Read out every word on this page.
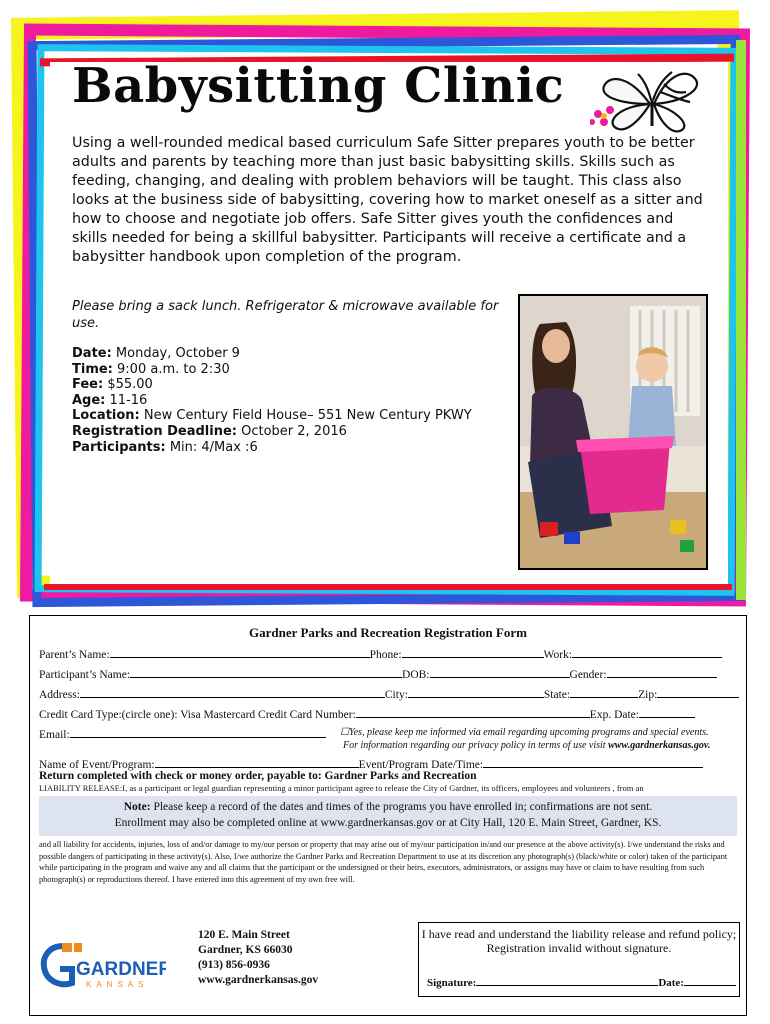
Babysitting Clinic

Using a well-rounded medical based curriculum Safe Sitter prepares youth to be better adults and parents by teaching more than just basic babysitting skills. Skills such as feeding, changing, and dealing with problem behaviors will be taught. This class also looks at the business side of babysitting, covering how to market oneself as a sitter and how to choose and negotiate job offers. Safe Sitter gives youth the confidences and skills needed for being a skillful babysitter. Participants will receive a certificate and a babysitter handbook upon completion of the program.

Please bring a sack lunch. Refrigerator & microwave available for use.

Date: Monday, October 9
Time: 9:00 a.m. to 2:30
Fee: $55.00
Age: 11-16
Location: New Century Field House– 551 New Century PKWY
Registration Deadline: October 2, 2016
Participants: Min: 4/Max :6
Gardner Parks and Recreation Registration Form
Parent’s Name:	Phone:	Work:
Participant’s Name:	DOB:	Gender:
Address:	City:	State:	Zip:
Credit Card Type:(circle one): Visa Mastercard Credit Card Number:	Exp. Date:
Email:	☐Yes, please keep me informed via email regarding upcoming programs and special events.
For information regarding our privacy policy in terms of use visit www.gardnerkansas.gov.
Name of Event/Program:	Event/Program Date/Time:
Return completed with check or money order, payable to: Gardner Parks and Recreation
LIABILITY RELEASE:I, as a participant or legal guardian representing a minor participant agree to release the City of Gardner, its officers, employees and volunteers , from an
Note: Please keep a record of the dates and times of the programs you have enrolled in; confirmations are not sent.
Enrollment may also be completed online at www.gardnerkansas.gov or at City Hall, 120 E. Main Street, Gardner, KS.

and all liability for accidents, injuries, loss of and/or damage to my/our person or property that may arise out of my/our participation in/and our presence at the above activity(s). I/we understand the risks and possible dangers of participating in these activity(s). Also, I/we authorize the Gardner Parks and Recreation Department to use at its discretion any photograph(s) (black/white or color) taken of the participant while participating in the program and waive any and all claims that the participant or the undersigned or their heirs, executors, administrators, or assigns may have or claim to have resulting from such photograph(s) or reproductions thereof. I have entered into this agreement of my own free will.

GARDNER
KANSAS
120 E. Main Street
Gardner, KS 66030
(913) 856-0936
www.gardnerkansas.gov
I have read and understand the liability release and refund policy; Registration invalid without signature.
Signature:	Date:
